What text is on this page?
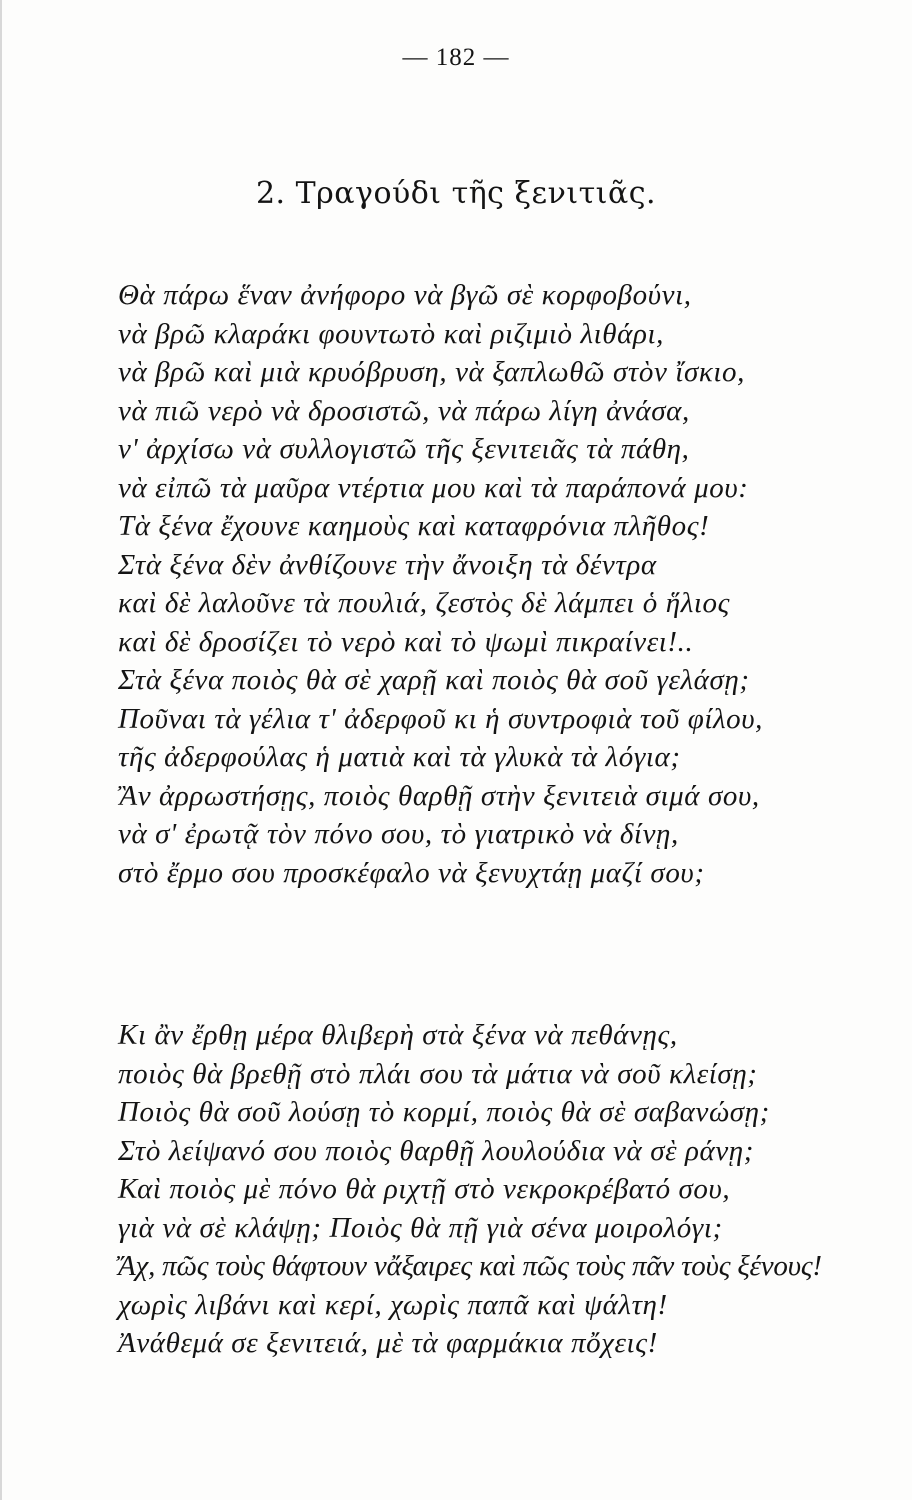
— 182 —
2. Τραγούδι τῆς ξενιτιᾶς.
Θὰ πάρω ἕναν ἀνήφορο νὰ βγῶ σὲ κορφοβούνι,
νὰ βρῶ κλαράκι φουντωτὸ καὶ ριζιμιὸ λιθάρι,
νὰ βρῶ καὶ μιὰ κρυόβρυση, νὰ ξαπλωθῶ στὸν ἴσκιο,
νὰ πιῶ νερὸ νὰ δροσιστῶ, νὰ πάρω λίγη ἀνάσα,
ν' ἀρχίσω νὰ συλλογιστῶ τῆς ξενιτειᾶς τὰ πάθη,
νὰ εἰπῶ τὰ μαῦρα ντέρτια μου καὶ τὰ παράπονά μου:
Τὰ ξένα ἔχουνε καημοὺς καὶ καταφρόνια πλῆθος!
Στὰ ξένα δὲν ἀνθίζουνε τὴν ἄνοιξη τὰ δέντρα
καὶ δὲ λαλοῦνε τὰ πουλιά, ζεστὸς δὲ λάμπει ὁ ἥλιος
καὶ δὲ δροσίζει τὸ νερὸ καὶ τὸ ψωμὶ πικραίνει!..
Στὰ ξένα ποιὸς θὰ σὲ χαρῇ καὶ ποιὸς θὰ σοῦ γελάσῃ;
Ποῦναι τὰ γέλια τ' ἀδερφοῦ κι ἡ συντροφιὰ τοῦ φίλου,
τῆς ἀδερφούλας ἡ ματιὰ καὶ τὰ γλυκὰ τὰ λόγια;
Ἂν ἀρρωστήσῃς, ποιὸς θαρθῇ στὴν ξενιτειὰ σιμά σου,
νὰ σ' ἐρωτᾷ τὸν πόνο σου, τὸ γιατρικὸ νὰ δίνῃ,
στὸ ἔρμο σου προσκέφαλο νὰ ξενυχτάῃ μαζί σου;
Κι ἂν ἔρθῃ μέρα θλιβερὴ στὰ ξένα νὰ πεθάνῃς,
ποιὸς θὰ βρεθῇ στὸ πλάι σου τὰ μάτια νὰ σοῦ κλείσῃ;
Ποιὸς θὰ σοῦ λούσῃ τὸ κορμί, ποιὸς θὰ σὲ σαβανώσῃ;
Στὸ λείψανό σου ποιὸς θαρθῇ λουλούδια νὰ σὲ ράνῃ;
Καὶ ποιὸς μὲ πόνο θὰ ριχτῇ στὸ νεκροκρέβατό σου,
γιὰ νὰ σὲ κλάψῃ; Ποιὸς θὰ πῇ γιὰ σένα μοιρολόγι;
Ἄχ, πῶς τοὺς θάφτουν νἄξαιρες καὶ πῶς τοὺς πᾶν τοὺς ξένους!
χωρὶς λιβάνι καὶ κερί, χωρὶς παπᾶ καὶ ψάλτη!
Ἀνάθεμά σε ξενιτειά, μὲ τὰ φαρμάκια πὄχεις!
